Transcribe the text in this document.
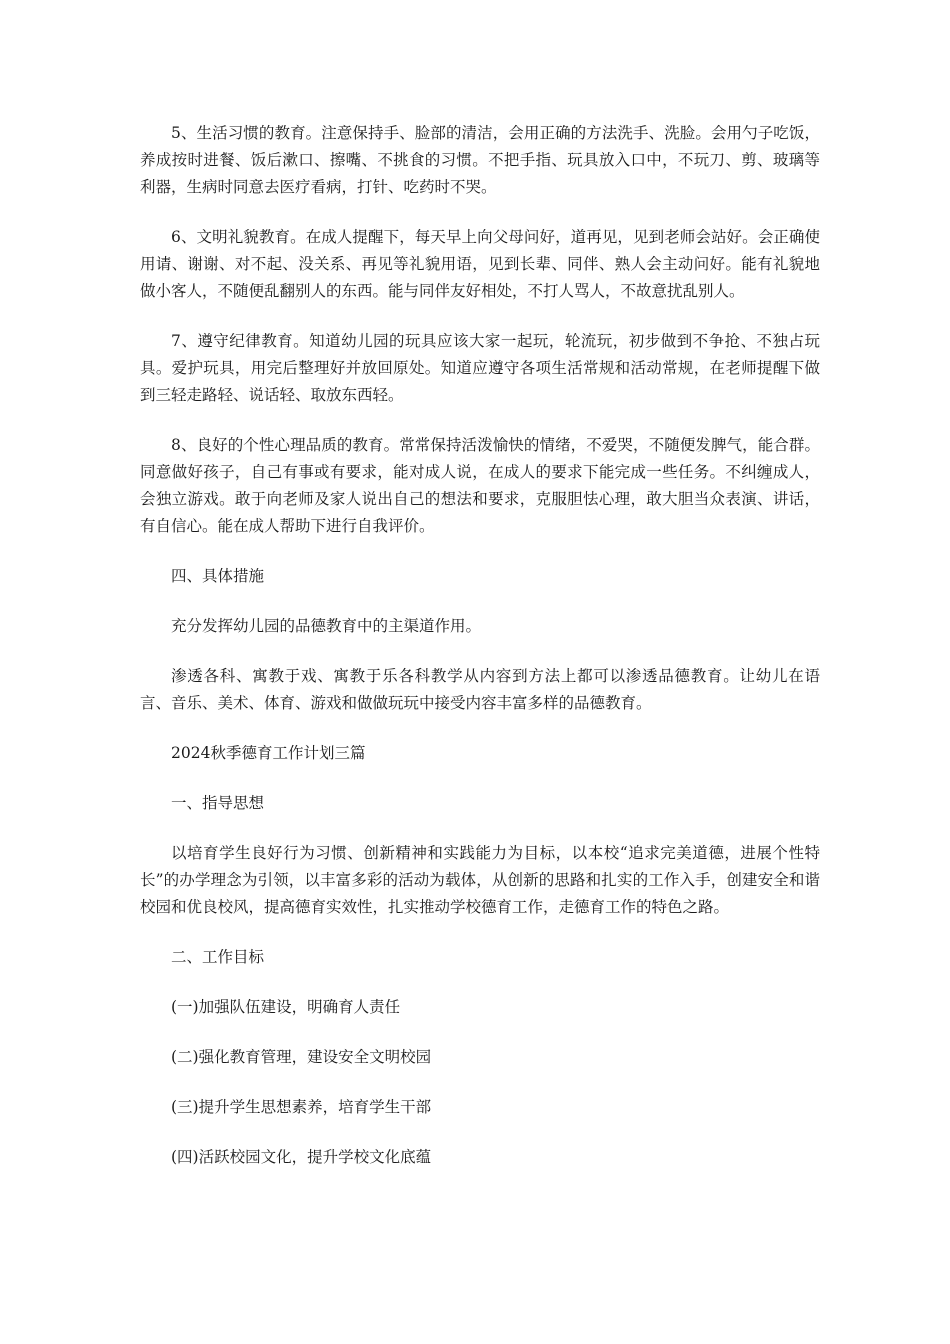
5、生活习惯的教育。注意保持手、脸部的清洁，会用正确的方法洗手、洗脸。会用勺子吃饭，养成按时进餐、饭后漱口、擦嘴、不挑食的习惯。不把手指、玩具放入口中，不玩刀、剪、玻璃等利器，生病时同意去医疗看病，打针、吃药时不哭。

6、文明礼貌教育。在成人提醒下，每天早上向父母问好，道再见，见到老师会站好。会正确使用请、谢谢、对不起、没关系、再见等礼貌用语，见到长辈、同伴、熟人会主动问好。能有礼貌地做小客人，不随便乱翻别人的东西。能与同伴友好相处，不打人骂人，不故意扰乱别人。

7、遵守纪律教育。知道幼儿园的玩具应该大家一起玩，轮流玩，初步做到不争抢、不独占玩具。爱护玩具，用完后整理好并放回原处。知道应遵守各项生活常规和活动常规，在老师提醒下做到三轻走路轻、说话轻、取放东西轻。

8、良好的个性心理品质的教育。常常保持活泼愉快的情绪，不爱哭，不随便发脾气，能合群。同意做好孩子，自己有事或有要求，能对成人说，在成人的要求下能完成一些任务。不纠缠成人，会独立游戏。敢于向老师及家人说出自己的想法和要求，克服胆怯心理，敢大胆当众表演、讲话，有自信心。能在成人帮助下进行自我评价。

四、具体措施

充分发挥幼儿园的品德教育中的主渠道作用。

渗透各科、寓教于戏、寓教于乐各科教学从内容到方法上都可以渗透品德教育。让幼儿在语言、音乐、美术、体育、游戏和做做玩玩中接受内容丰富多样的品德教育。

2024秋季德育工作计划三篇

一、指导思想

以培育学生良好行为习惯、创新精神和实践能力为目标，以本校“追求完美道德，进展个性特长”的办学理念为引领，以丰富多彩的活动为载体，从创新的思路和扎实的工作入手，创建安全和谐校园和优良校风，提高德育实效性，扎实推动学校德育工作，走德育工作的特色之路。

二、工作目标

(一)加强队伍建设，明确育人责任

(二)强化教育管理，建设安全文明校园

(三)提升学生思想素养，培育学生干部

(四)活跃校园文化，提升学校文化底蕴
